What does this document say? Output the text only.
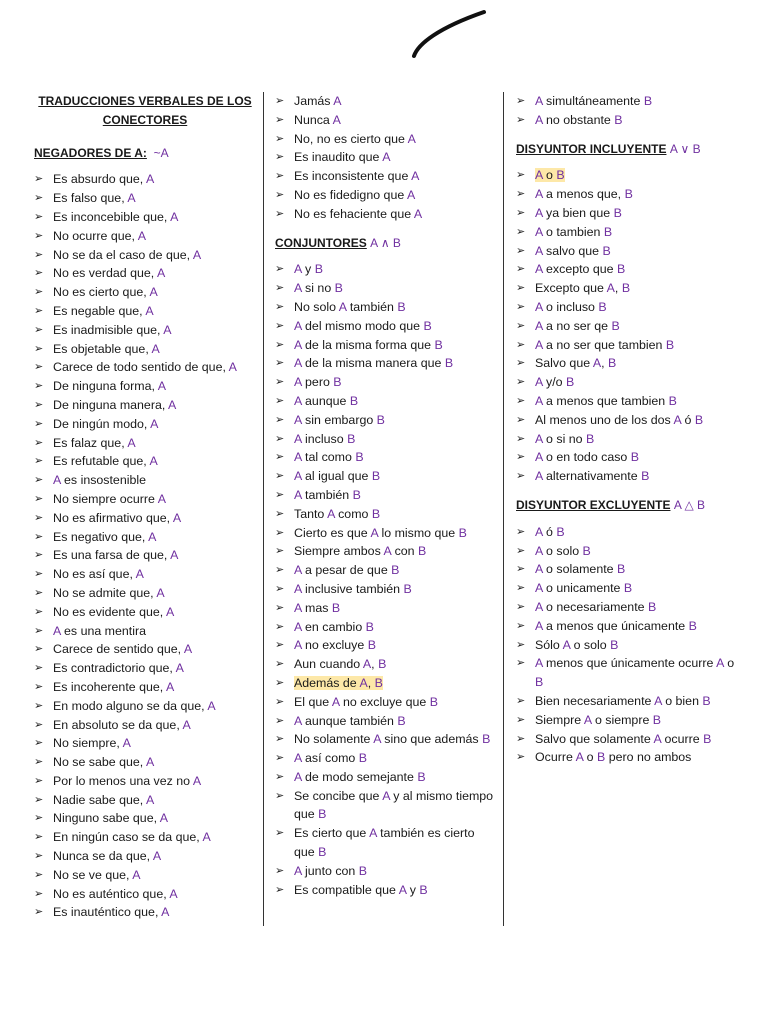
TRADUCCIONES VERBALES DE LOS CONECTORES
NEGADORES DE A: ~A
➢ Es absurdo que, A
➢ Es falso que, A
➢ Es inconcebible que, A
➢ No ocurre que, A
➢ No se da el caso de que, A
➢ No es verdad que, A
➢ No es cierto que, A
➢ Es negable que, A
➢ Es inadmisible que, A
➢ Es objetable que, A
➢ Carece de todo sentido de que, A
➢ De ninguna forma, A
➢ De ninguna manera, A
➢ De ningún modo, A
➢ Es falaz que, A
➢ Es refutable que, A
➢ A es insostenible
➢ No siempre ocurre A
➢ No es afirmativo que, A
➢ Es negativo que, A
➢ Es una farsa de que, A
➢ No es así que, A
➢ No se admite que, A
➢ No es evidente que, A
➢ A es una mentira
➢ Carece de sentido que, A
➢ Es contradictorio que, A
➢ Es incoherente que, A
➢ En modo alguno se da que, A
➢ En absoluto se da que, A
➢ No siempre, A
➢ No se sabe que, A
➢ Por lo menos una vez no A
➢ Nadie sabe que, A
➢ Ninguno sabe que, A
➢ En ningún caso se da que, A
➢ Nunca se da que, A
➢ No se ve que, A
➢ No es auténtico que, A
➢ Es inauténtico que, A
➢ Jamás A
➢ Nunca A
➢ No, no es cierto que A
➢ Es inaudito que A
➢ Es inconsistente que A
➢ No es fidedigno que A
➢ No es fehaciente que A
CONJUNTORES A ∧ B
➢ A y B
➢ A si no B
➢ No solo A también B
➢ A del mismo modo que B
➢ A de la misma forma que B
➢ A de la misma manera que B
➢ A pero B
➢ A aunque B
➢ A sin embargo B
➢ A incluso B
➢ A tal como B
➢ A al igual que B
➢ A también B
➢ Tanto A como B
➢ Cierto es que A lo mismo que B
➢ Siempre ambos A con B
➢ A a pesar de que B
➢ A inclusive también B
➢ A mas B
➢ A en cambio B
➢ A no excluye B
➢ Aun cuando A, B
➢ Además de A, B
➢ El que A no excluye que B
➢ A aunque también B
➢ No solamente A sino que además B
➢ A así como B
➢ A de modo semejante B
➢ Se concibe que A y al mismo tiempo que B
➢ Es cierto que A también es cierto que B
➢ A junto con B
➢ Es compatible que A y B
➢ A simultáneamente B
➢ A no obstante B
DISYUNTOR INCLUYENTE A ∨ B
➢ A o B
➢ A a menos que, B
➢ A ya bien que B
➢ A o tambien B
➢ A salvo que B
➢ A excepto que B
➢ Excepto que A, B
➢ A o incluso B
➢ A a no ser qe B
➢ A a no ser que tambien B
➢ Salvo que A, B
➢ A y/o B
➢ A a menos que tambien B
➢ Al menos uno de los dos A ó B
➢ A o si no B
➢ A o en todo caso B
➢ A alternativamente B
DISYUNTOR EXCLUYENTE A △ B
➢ A ó B
➢ A o solo B
➢ A o solamente B
➢ A o unicamente B
➢ A o necesariamente B
➢ A a menos que únicamente B
➢ Sólo A o solo B
➢ A menos que únicamente ocurre A o B
➢ Bien necesariamente A o bien B
➢ Siempre A o siempre B
➢ Salvo que solamente A ocurre B
➢ Ocurre A o B pero no ambos
